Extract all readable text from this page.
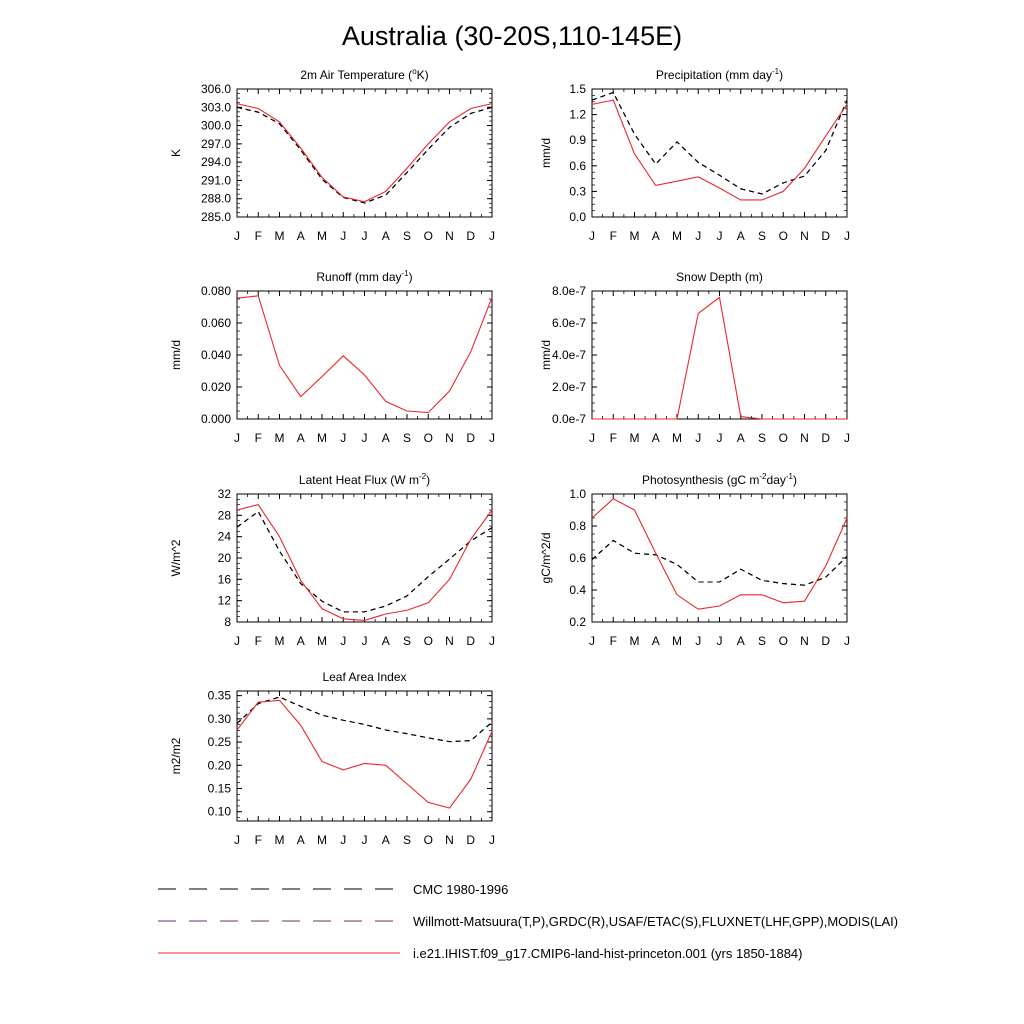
Australia (30-20S,110-145E)
J F M A M J J A S O N D J
285.0
288.0
291.0
294.0
297.0
300.0
303.0
306.0
K
2m Air Temperature ($^o$K)
J F M A M J J A S O N D J
0.0
0.3
0.6
0.9
1.2
1.5
mm/d
Precipitation (mm day$^{-1}$)
J F M A M J J A S O N D J
0.000
0.020
0.040
0.060
0.080
mm/d
Runoff (mm day$^{-1}$)
J F M A M J J A S O N D J
0.0e-7
2.0e-7
4.0e-7
6.0e-7
8.0e-7
mm/d
Snow Depth (m)
J F M A M J J A S O N D J
8
12
16
20
24
28
32
W/m^2
Latent Heat Flux (W $m^{-2}$)
J F M A M J J A S O N D J
0.2
0.4
0.6
0.8
1.0
gC/m^2/d
Photosynthesis (gC $m^{-2}day^{-1}$)
J F M A M J J A S O N D J
0.10
0.15
0.20
0.25
0.30
0.35
m2/m2
Leaf Area Index
CMC 1980-1996
Willmott-Matsuura(T,P),GRDC(R),USAF/ETAC(S),FLUXNET(LHF,GPP),MODIS(LAI)
i.e21.IHIST.f09_g17.CMIP6-land-hist-princeton.001 (yrs 1850-1884)
